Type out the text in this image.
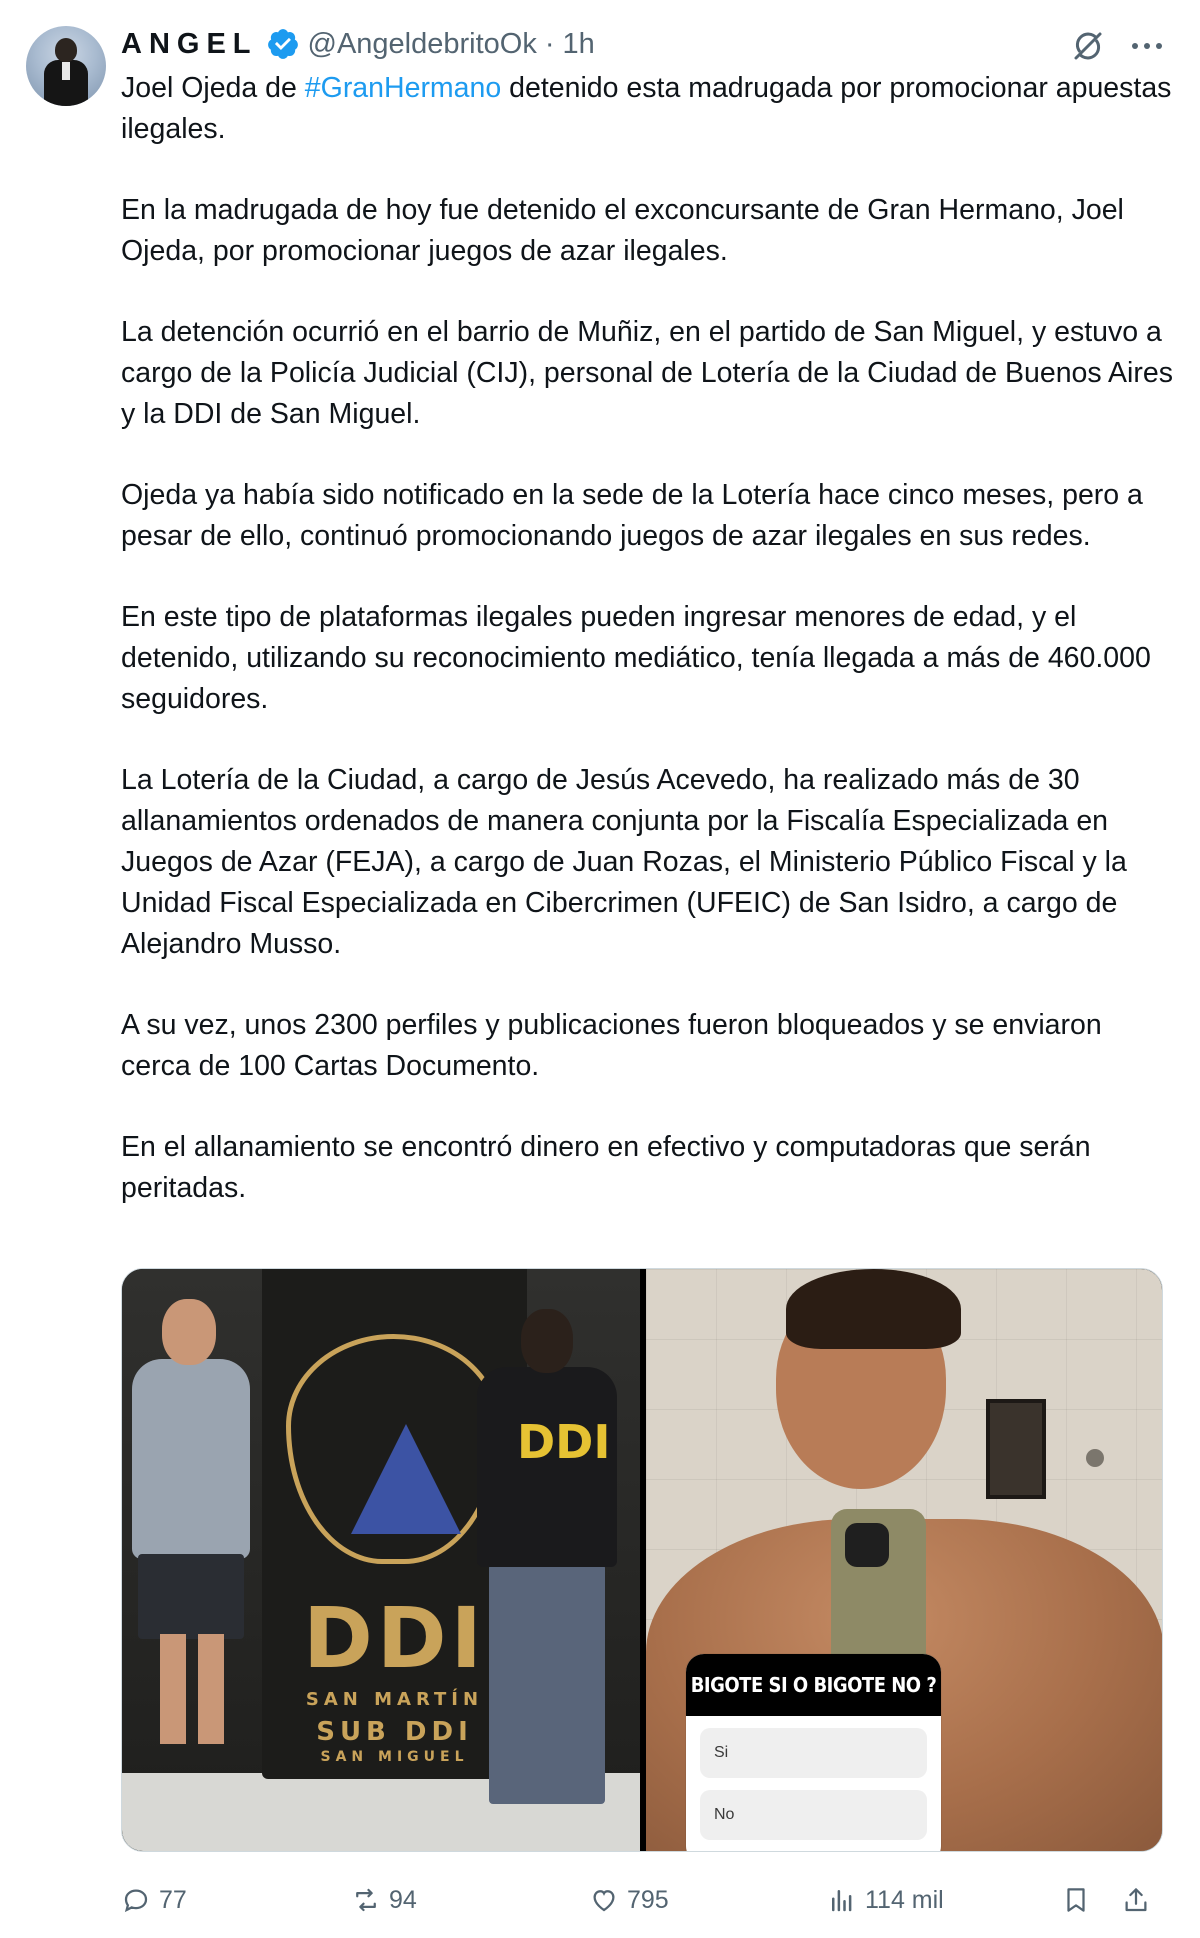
ANGEL @AngeldebritoOk · 1h

Joel Ojeda de #GranHermano detenido esta madrugada por promocionar apuestas ilegales.

En la madrugada de hoy fue detenido el exconcursante de Gran Hermano, Joel Ojeda, por promocionar juegos de azar ilegales.

La detención ocurrió en el barrio de Muñiz, en el partido de San Miguel, y estuvo a cargo de la Policía Judicial (CIJ), personal de Lotería de la Ciudad de Buenos Aires y la DDI de San Miguel.

Ojeda ya había sido notificado en la sede de la Lotería hace cinco meses, pero a pesar de ello, continuó promocionando juegos de azar ilegales en sus redes.

En este tipo de plataformas ilegales pueden ingresar menores de edad, y el detenido, utilizando su reconocimiento mediático, tenía llegada a más de 460.000 seguidores.

La Lotería de la Ciudad, a cargo de Jesús Acevedo, ha realizado más de 30 allanamientos ordenados de manera conjunta por la Fiscalía Especializada en Juegos de Azar (FEJA), a cargo de Juan Rozas, el Ministerio Público Fiscal y la Unidad Fiscal Especializada en Cibercrimen (UFEIC) de San Isidro, a cargo de Alejandro Musso.

A su vez, unos 2300 perfiles y publicaciones fueron bloqueados y se enviaron cerca de 100 Cartas Documento.

En el allanamiento se encontró dinero en efectivo y computadoras que serán peritadas.

DDI
SAN MARTÍN
SUB DDI
SAN MIGUEL
DDI
BIGOTE SI O BIGOTE NO ?
Si
No
77	94	795	114 mil
